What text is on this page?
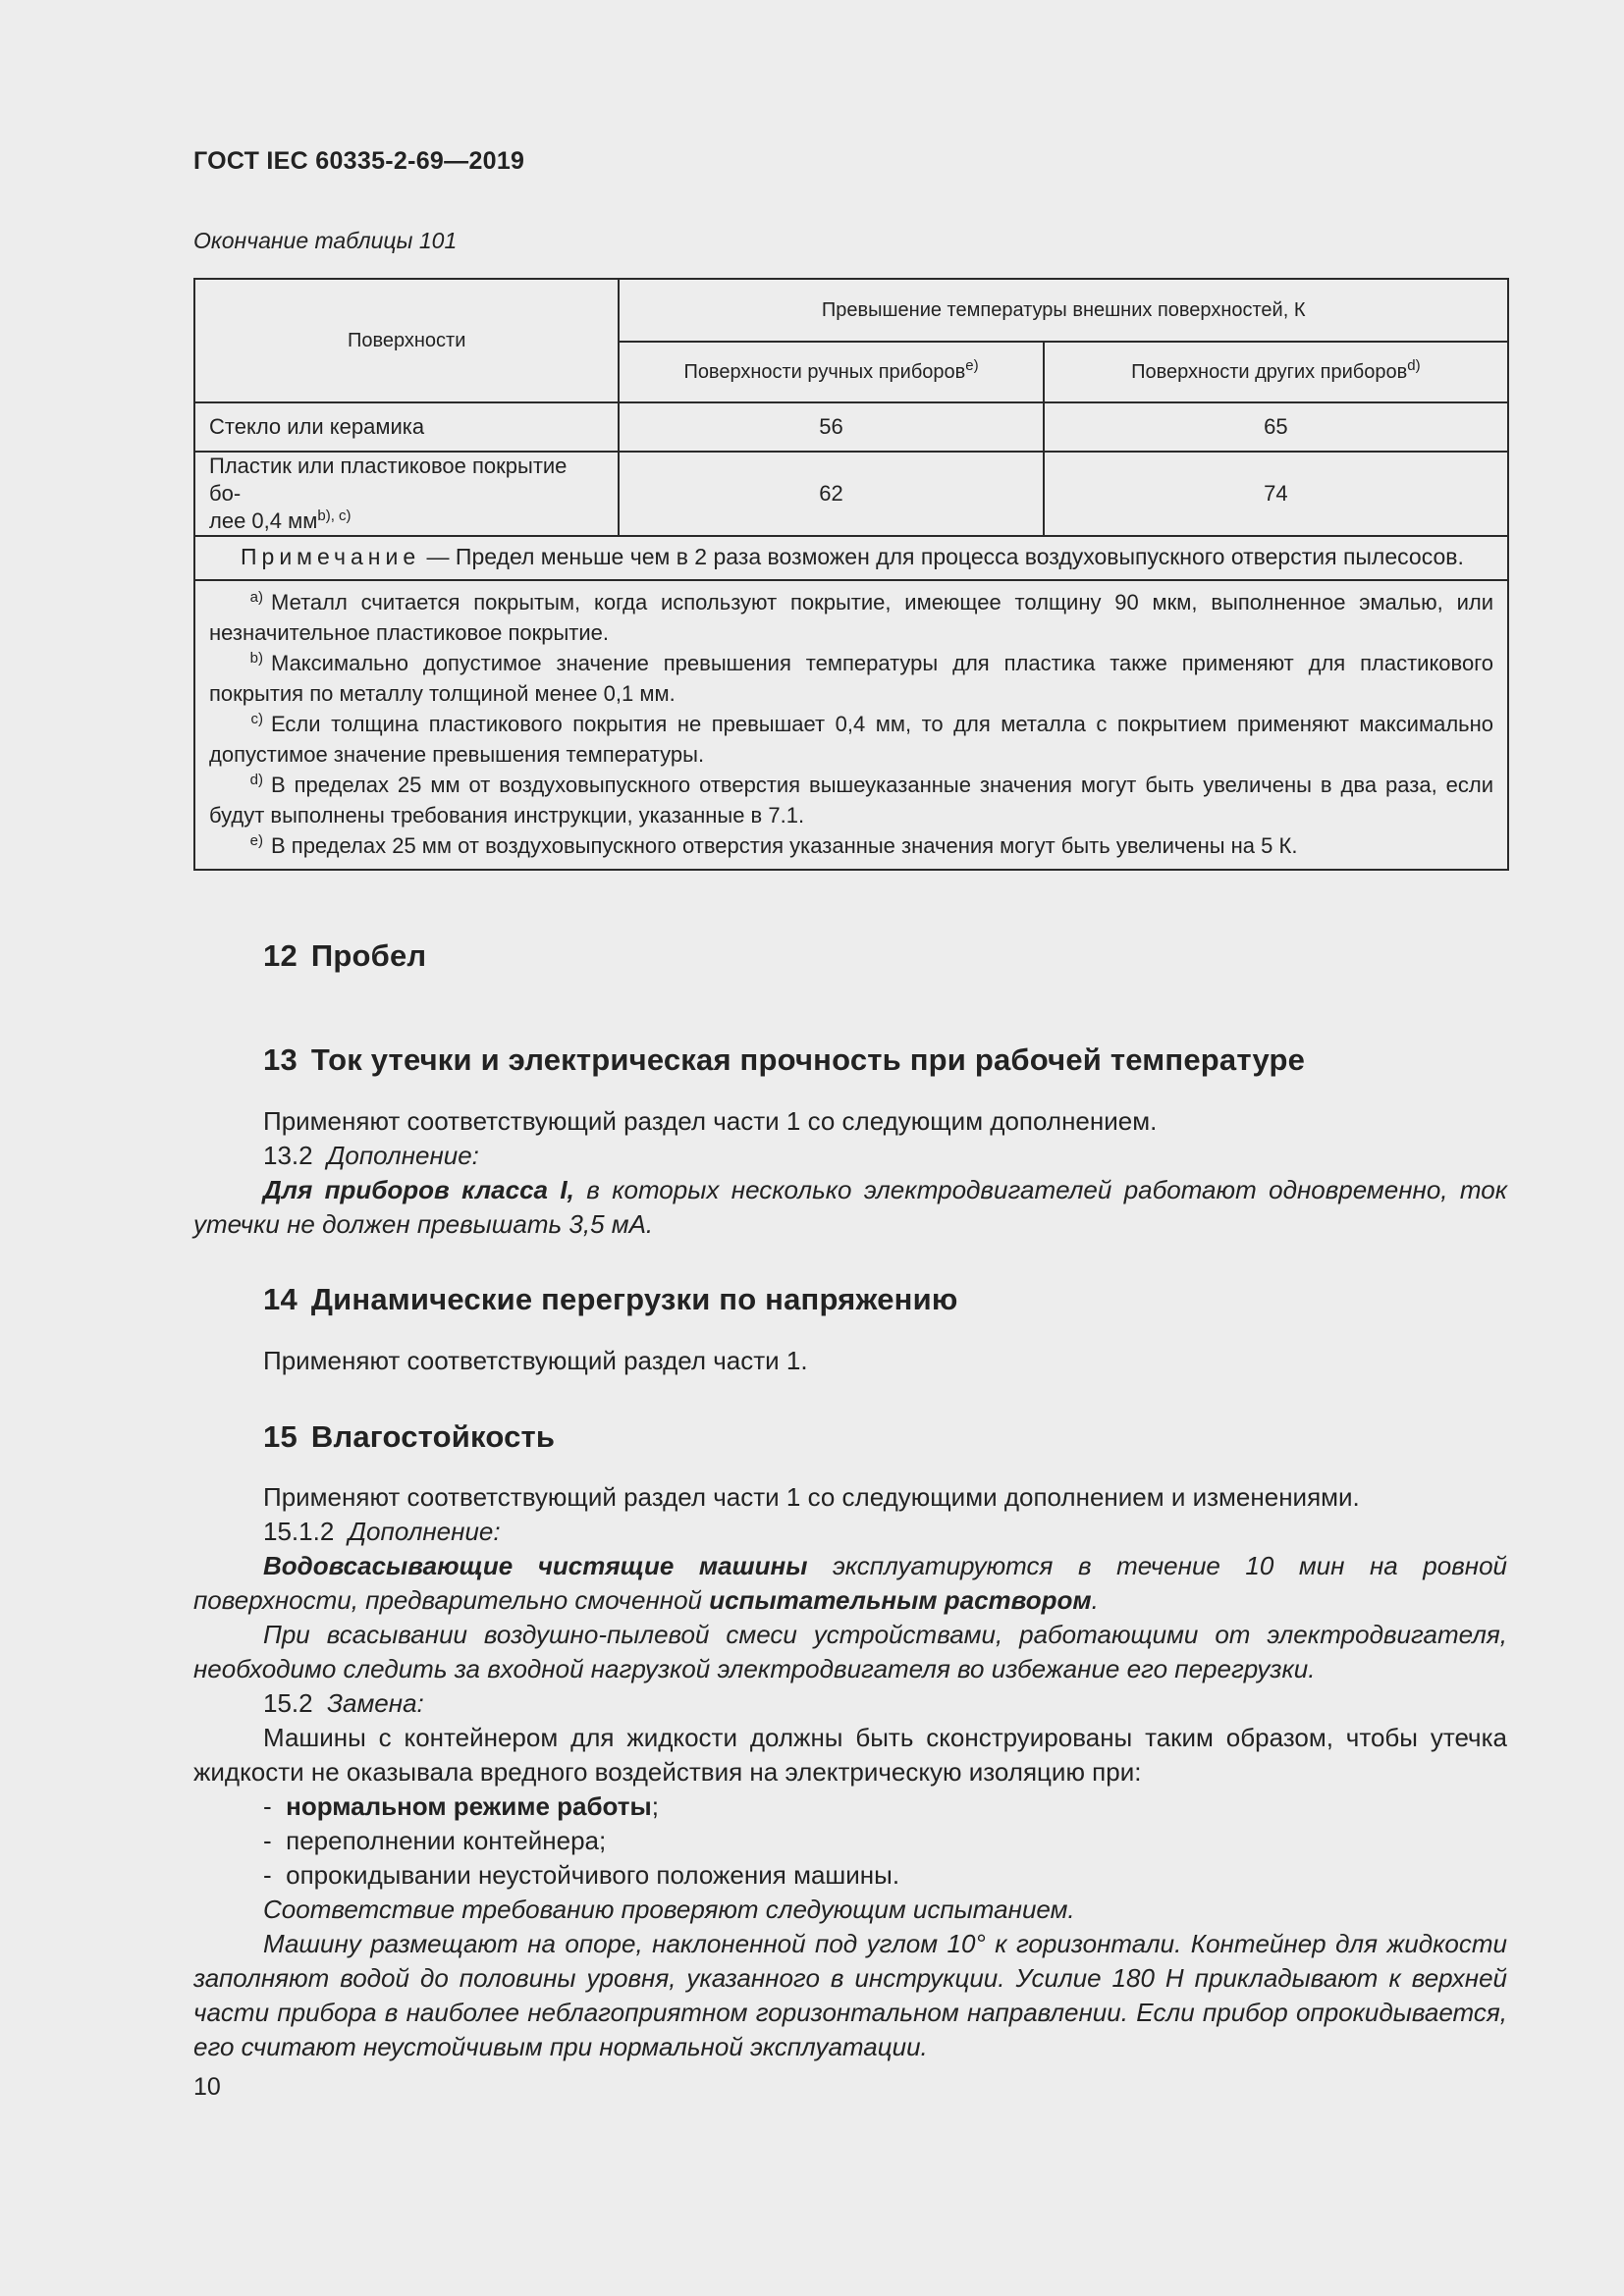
ГОСТ IEC 60335-2-69—2019
Окончание таблицы 101
Поверхности	Превышение температуры внешних поверхностей, К	
	Поверхности ручных приборов$^{e)}$	Поверхности других приборов$^{d)}$
Стекло или керамика	56	65
Пластик или пластиковое покрытие бо-
лее 0,4 $мм^{b), c)}$	62	74
Примечание — Предел меньше чем в 2 раза возможен для процесса воздуховыпускного отверстия пылесосов.		

$^{a)}$ Металл считается покрытым, когда используют покрытие, имеющее толщину 90 мкм, выполненное эмалью, или незначительное пластиковое покрытие.

$^{b)}$ Максимально допустимое значение превышения температуры для пластика также применяют для пластикового покрытия по металлу толщиной менее 0,1 мм.

$^{c)}$ Если толщина пластикового покрытия не превышает 0,4 мм, то для металла с покрытием применяют максимально допустимое значение превышения температуры.

$^{d)}$ В пределах 25 мм от воздуховыпускного отверстия вышеуказанные значения могут быть увеличены в два раза, если будут выполнены требования инструкции, указанные в 7.1.

$^{e)}$ В пределах 25 мм от воздуховыпускного отверстия указанные значения могут быть увеличены на 5 К.		

12 Пробел
13 Ток утечки и электрическая прочность при рабочей температуре

Применяют соответствующий раздел части 1 со следующим дополнением.

13.2 Дополнение:

Для приборов класса I, в которых несколько электродвигателей работают одновременно, ток утечки не должен превышать 3,5 мА.

14 Динамические перегрузки по напряжению

Применяют соответствующий раздел части 1.

15 Влагостойкость

Применяют соответствующий раздел части 1 со следующими дополнением и изменениями.

15.1.2 Дополнение:

Водовсасывающие чистящие машины эксплуатируются в течение 10 мин на ровной поверхности, предварительно смоченной испытательным раствором.

При всасывании воздушно-пылевой смеси устройствами, работающими от электродвигателя, необходимо следить за входной нагрузкой электродвигателя во избежание его перегрузки.

15.2 Замена:

Машины с контейнером для жидкости должны быть сконструированы таким образом, чтобы утечка жидкости не оказывала вредного воздействия на электрическую изоляцию при:

- нормальном режиме работы;

- переполнении контейнера;

- опрокидывании неустойчивого положения машины.

Соответствие требованию проверяют следующим испытанием.

Машину размещают на опоре, наклоненной под углом 10° к горизонтали. Контейнер для жидкости заполняют водой до половины уровня, указанного в инструкции. Усилие 180 Н прикладывают к верхней части прибора в наиболее неблагоприятном горизонтальном направлении. Если прибор опрокидывается, его считают неустойчивым при нормальной эксплуатации.

10
